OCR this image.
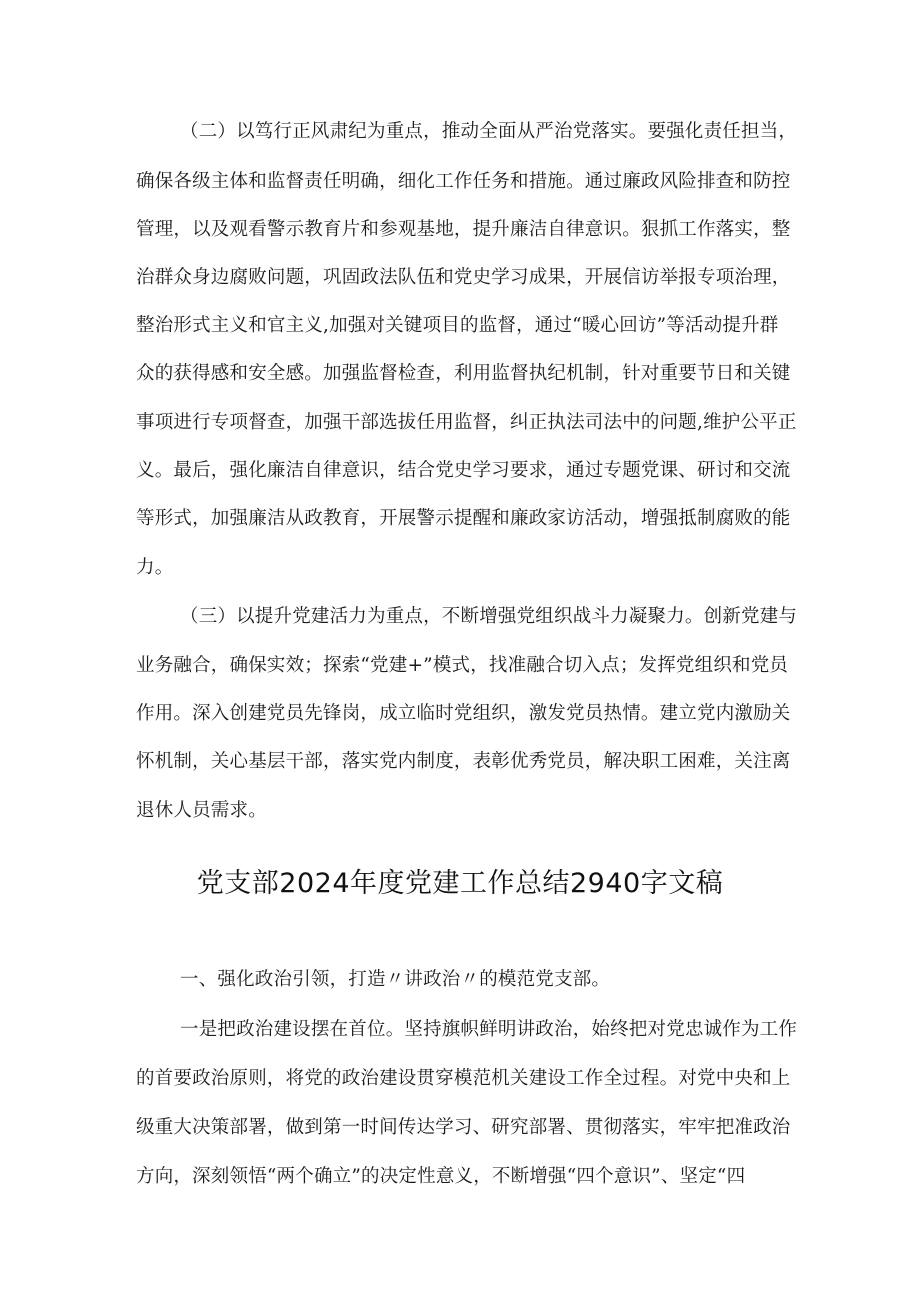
（二）以笃行正风肃纪为重点，推动全面从严治党落实。要强化责任担当，
确保各级主体和监督责任明确，细化工作任务和措施。通过廉政风险排查和防控
管理，以及观看警示教育片和参观基地，提升廉洁自律意识。狠抓工作落实，整
治群众身边腐败问题，巩固政法队伍和党史学习成果，开展信访举报专项治理，
整治形式主义和官主义,加强对关键项目的监督，通过“暖心回访”等活动提升群
众的获得感和安全感。加强监督检查，利用监督执纪机制，针对重要节日和关键
事项进行专项督查，加强干部选拔任用监督，纠正执法司法中的问题,维护公平正
义。最后，强化廉洁自律意识，结合党史学习要求，通过专题党课、研讨和交流
等形式，加强廉洁从政教育，开展警示提醒和廉政家访活动，增强抵制腐败的能
力。
（三）以提升党建活力为重点，不断增强党组织战斗力凝聚力。创新党建与
业务融合，确保实效；探索“党建+”模式，找准融合切入点；发挥党组织和党员
作用。深入创建党员先锋岗，成立临时党组织，激发党员热情。建立党内激励关
怀机制，关心基层干部，落实党内制度，表彰优秀党员，解决职工困难，关注离
退休人员需求。
党支部2024年度党建工作总结2940字文稿
一、强化政治引领，打造〃讲政治〃的模范党支部。
一是把政治建设摆在首位。坚持旗帜鲜明讲政治，始终把对党忠诚作为工作
的首要政治原则，将党的政治建设贯穿模范机关建设工作全过程。对党中央和上
级重大决策部署，做到第一时间传达学习、研究部署、贯彻落实，牢牢把准政治
方向，深刻领悟“两个确立”的决定性意义，不断增强“四个意识”、坚定“四
